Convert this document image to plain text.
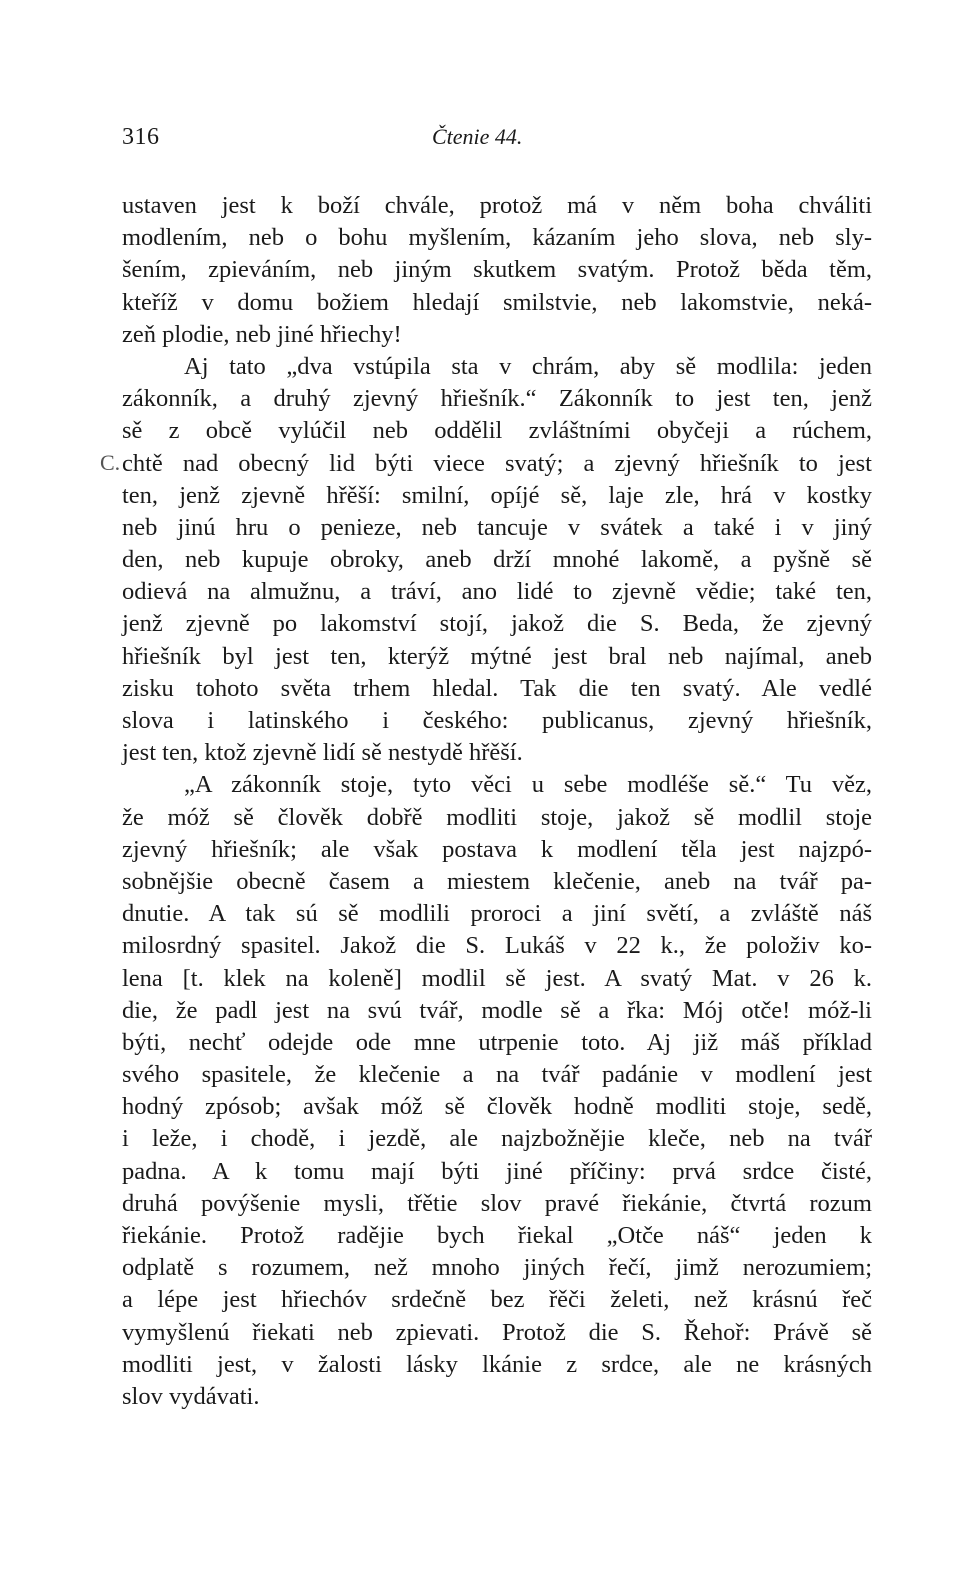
316	Čtenie 44.
C.
ustaven jest k boží chvále, protož má v něm boha chváliti
modlením, neb o bohu myšlením, kázaním jeho slova, neb sly-
šením, zpieváním, neb jiným skutkem svatým. Protož běda těm,
kteříž v domu božiem hledají smilstvie, neb lakomstvie, neká-
zeň plodie, neb jiné hřiechy!
Aj tato „dva vstúpila sta v chrám, aby sě modlila: jeden
zákonník, a druhý zjevný hřiešník.“ Zákonník to jest ten, jenž
sě z obcě vylúčil neb oddělil zvláštními obyčeji a rúchem,
chtě nad obecný lid býti viece svatý; a zjevný hřiešník to jest
ten, jenž zjevně hřěší: smilní, opíjé sě, laje zle, hrá v kostky
neb jinú hru o penieze, neb tancuje v svátek a také i v jiný
den, neb kupuje obroky, aneb drží mnohé lakomě, a pyšně sě
odievá na almužnu, a tráví, ano lidé to zjevně vědie; také ten,
jenž zjevně po lakomství stojí, jakož die S. Beda, že zjevný
hřiešník byl jest ten, kterýž mýtné jest bral neb najímal, aneb
zisku tohoto světa trhem hledal. Tak die ten svatý. Ale vedlé
slova i latinského i českého: publicanus, zjevný hřiešník,
jest ten, ktož zjevně lidí sě nestydě hřěší.
„A zákonník stoje, tyto věci u sebe modléše sě.“ Tu věz,
že móž sě člověk dobřě modliti stoje, jakož sě modlil stoje
zjevný hřiešník; ale však postava k modlení těla jest najzpó-
sobnějšie obecně časem a miestem klečenie, aneb na tvář pa-
dnutie. A tak sú sě modlili proroci a jiní světí, a zvláště náš
milosrdný spasitel. Jakož die S. Lukáš v 22 k., že položiv ko-
lena [t. klek na koleně] modlil sě jest. A svatý Mat. v 26 k.
die, že padl jest na svú tvář, modle sě a řka: Mój otče! móž-li
býti, nechť odejde ode mne utrpenie toto. Aj již máš příklad
svého spasitele, že klečenie a na tvář padánie v modlení jest
hodný zpósob; avšak móž sě člověk hodně modliti stoje, sedě,
i leže, i chodě, i jezdě, ale najzbožnějie kleče, neb na tvář
padna. A k tomu mají býti jiné příčiny: prvá srdce čisté,
druhá povýšenie mysli, třětie slov pravé řiekánie, čtvrtá rozum
řiekánie. Protož radějie bych řiekal „Otče náš“ jeden k
odplatě s rozumem, než mnoho jiných řečí, jimž nerozumiem;
a lépe jest hřiechóv srdečně bez řěči želeti, než krásnú řeč
vymyšlenú řiekati neb zpievati. Protož die S. Řehoř: Právě sě
modliti jest, v žalosti lásky lkánie z srdce, ale ne krásných
slov vydávati.
